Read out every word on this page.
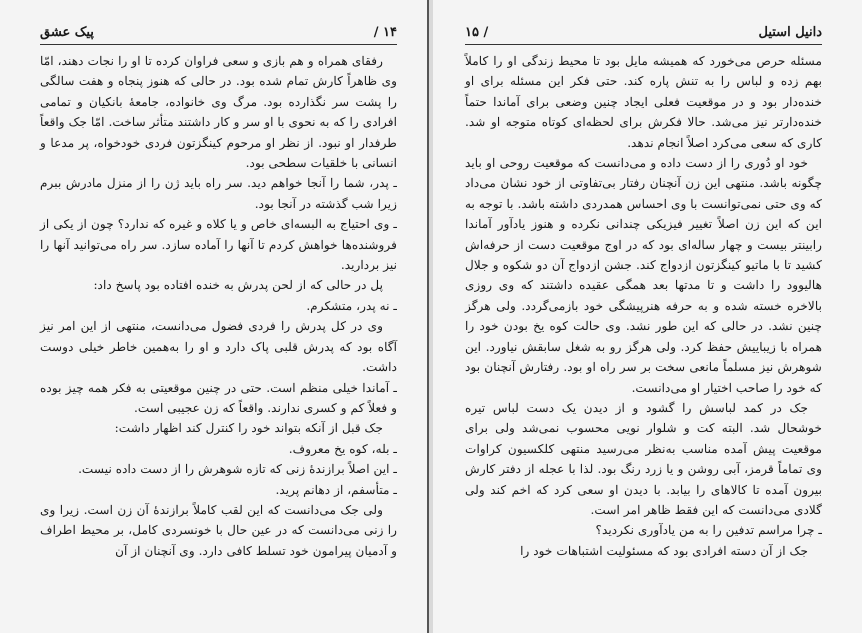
۱۴ /
پیک عشق

رفقای همراه و هم بازی و سعی فراوان کرده تا او را نجات دهند، امّا وی ظاهراً کارش تمام شده بود. در حالی که هنوز پنجاه و هفت سالگی را پشت سر نگذارده بود. مرگ وی خانواده، جامعهٔ بانکیان و تمامی افرادی را که به نحوی با او سر و کار داشتند متأثر ساخت. امّا جک واقعاً طرفدار او نبود. از نظر او مرحوم کینگزتون فردی خودخواه، پر مدعا و انسانی با خلقیات سطحی بود.

ـ پدر، شما را آنجا خواهم دید. سر راه باید ژن را از منزل مادرش ببرم زیرا شب گذشته در آنجا بود.

ـ وی احتیاج به البسه‌ای خاص و یا کلاه و غیره که ندارد؟ چون از یکی از فروشنده‌ها خواهش کردم تا آنها را آماده سازد. سر راه می‌توانید آنها را نیز بردارید.

پل در حالی که از لحن پدرش به خنده افتاده بود پاسخ داد:

ـ نه پدر، متشکرم.

وی در کل پدرش را فردی فضول می‌دانست، منتهی از این امر نیز آگاه بود که پدرش قلبی پاک دارد و او را به‌همین خاطر خیلی دوست داشت.

ـ آماندا خیلی منظم است. حتی در چنین موقعیتی به فکر همه چیز بوده و فعلاً کم و کسری ندارند. واقعاً که زن عجیبی است.

جک قبل از آنکه بتواند خود را کنترل کند اظهار داشت:

ـ بله، کوه یخ معروف.

ـ این اصلاً برازندهٔ زنی که تازه شوهرش را از دست داده نیست.

ـ متأسفم، از دهانم پرید.

ولی جک می‌دانست که این لقب کاملاً برازندهٔ آن زن است. زیرا وی را زنی می‌دانست که در عین حال با خونسردی کامل، بر محیط اطراف و آدمیان پیرامون خود تسلط کافی دارد. وی آنچنان از آن

دانیل استیل
/ ۱۵

مسئله حرص می‌خورد که همیشه مایل بود تا محیط زندگی او را کاملاً بهم زده و لباس را به تنش پاره کند. حتی فکر این مسئله برای او خنده‌دار بود و در موقعیت فعلی ایجاد چنین وضعی برای آماندا حتماً خنده‌دارتر نیز می‌شد. حالا فکرش برای لحظه‌ای کوتاه متوجه او شد. کاری که سعی می‌کرد اصلاً انجام ندهد.

خود او دُوری را از دست داده و می‌دانست که موقعیت روحی او باید چگونه باشد. منتهی این زن آنچنان رفتار بی‌تفاوتی از خود نشان می‌داد که وی حتی نمی‌توانست با وی احساس همدردی داشته باشد. با توجه به این که این زن اصلاً تغییر فیزیکی چندانی نکرده و هنوز یادآور آماندا رابینتر بیست و چهار ساله‌ای بود که در اوج موقعیت دست از حرفه‌اش کشید تا با ماتیو کینگزتون ازدواج کند. جشن ازدواج آن دو شکوه و جلال هالیوود را داشت و تا مدتها بعد همگی عقیده داشتند که وی روزی بالاخره خسته شده و به حرفه هنرپیشگی خود بازمی‌گردد. ولی هرگز چنین نشد. در حالی که این طور نشد. وی حالت کوه یخ بودن خود را همراه با زیباییش حفظ کرد. ولی هرگز رو به شغل سابقش نیاورد. این شوهرش نیز مسلماً مانعی سخت بر سر راه او بود. رفتارش آنچنان بود که خود را صاحب اختیار او می‌دانست.

جک در کمد لباسش را گشود و از دیدن یک دست لباس تیره خوشحال شد. البته کت و شلوار نویی محسوب نمی‌شد ولی برای موقعیت پیش آمده مناسب به‌نظر می‌رسید منتهی کلکسیون کراوات وی تماماً قرمز، آبی روشن و یا زرد رنگ بود. لذا با عجله از دفتر کارش بیرون آمده تا کالاهای را بیابد. با دیدن او سعی کرد که اخم کند ولی گلادی می‌دانست که این فقط ظاهر امر است.

ـ چرا مراسم تدفین را به من یادآوری نکردید؟

جک از آن دسته افرادی بود که مسئولیت اشتباهات خود را
